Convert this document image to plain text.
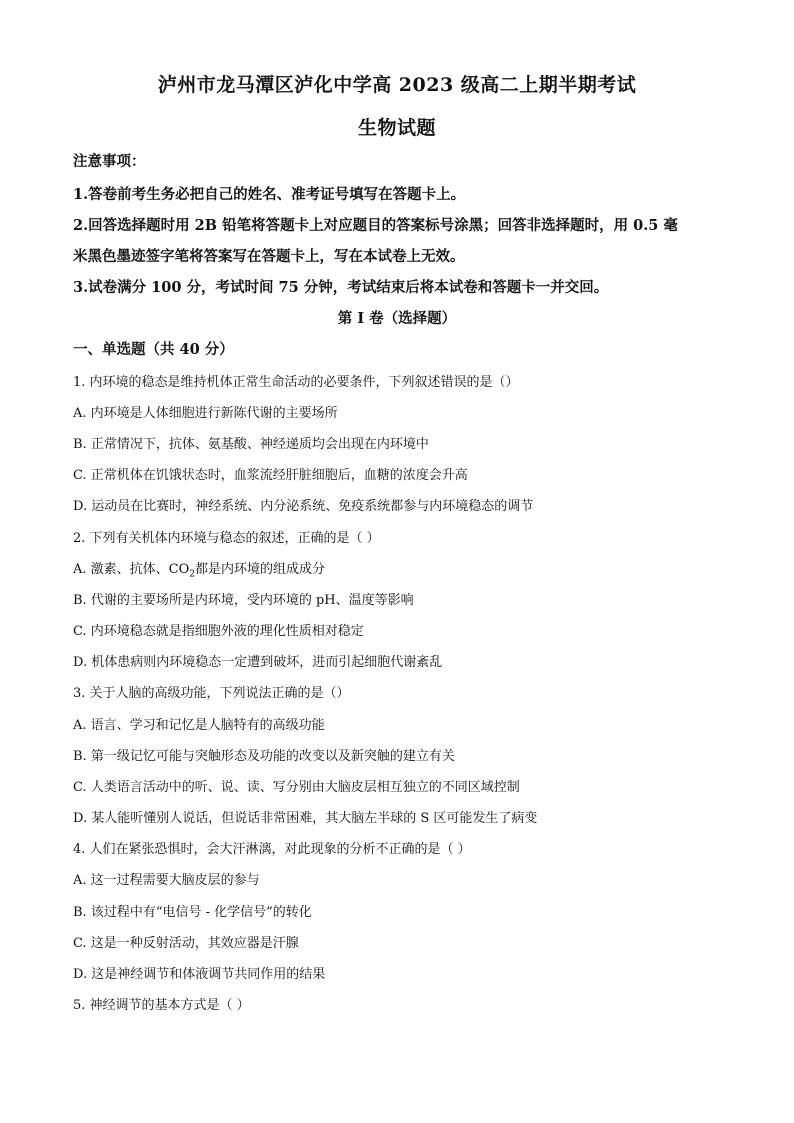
泸州市龙马潭区泸化中学高 2023 级高二上期半期考试
生物试题
注意事项：
1.答卷前考生务必把自己的姓名、准考证号填写在答题卡上。
2.回答选择题时用 2B 铅笔将答题卡上对应题目的答案标号涂黑；回答非选择题时，用 0.5 毫
米黑色墨迹签字笔将答案写在答题卡上，写在本试卷上无效。
3.试卷满分 100 分，考试时间 75 分钟，考试结束后将本试卷和答题卡一并交回。
第 I 卷（选择题）
一、单选题（共 40 分）
1. 内环境的稳态是维持机体正常生命活动的必要条件，下列叙述错误的是（）
A. 内环境是人体细胞进行新陈代谢的主要场所
B. 正常情况下，抗体、氨基酸、神经递质均会出现在内环境中
C. 正常机体在饥饿状态时，血浆流经肝脏细胞后，血糖的浓度会升高
D. 运动员在比赛时，神经系统、内分泌系统、免疫系统都参与内环境稳态的调节
2. 下列有关机体内环境与稳态的叙述，正确的是（ ）
A. 激素、抗体、$CO_2$都是内环境的组成成分
B. 代谢的主要场所是内环境，受内环境的 pH、温度等影响
C. 内环境稳态就是指细胞外液的理化性质相对稳定
D. 机体患病则内环境稳态一定遭到破坏，进而引起细胞代谢紊乱
3. 关于人脑的高级功能，下列说法正确的是（）
A. 语言、学习和记忆是人脑特有的高级功能
B. 第一级记忆可能与突触形态及功能的改变以及新突触的建立有关
C. 人类语言活动中的听、说、读、写分别由大脑皮层相互独立的不同区域控制
D. 某人能听懂别人说话，但说话非常困难，其大脑左半球的 S 区可能发生了病变
4. 人们在紧张恐惧时，会大汗淋漓，对此现象的分析不正确的是（ ）
A. 这一过程需要大脑皮层的参与
B. 该过程中有“电信号 - 化学信号”的转化
C. 这是一种反射活动，其效应器是汗腺
D. 这是神经调节和体液调节共同作用的结果
5. 神经调节的基本方式是（ ）
